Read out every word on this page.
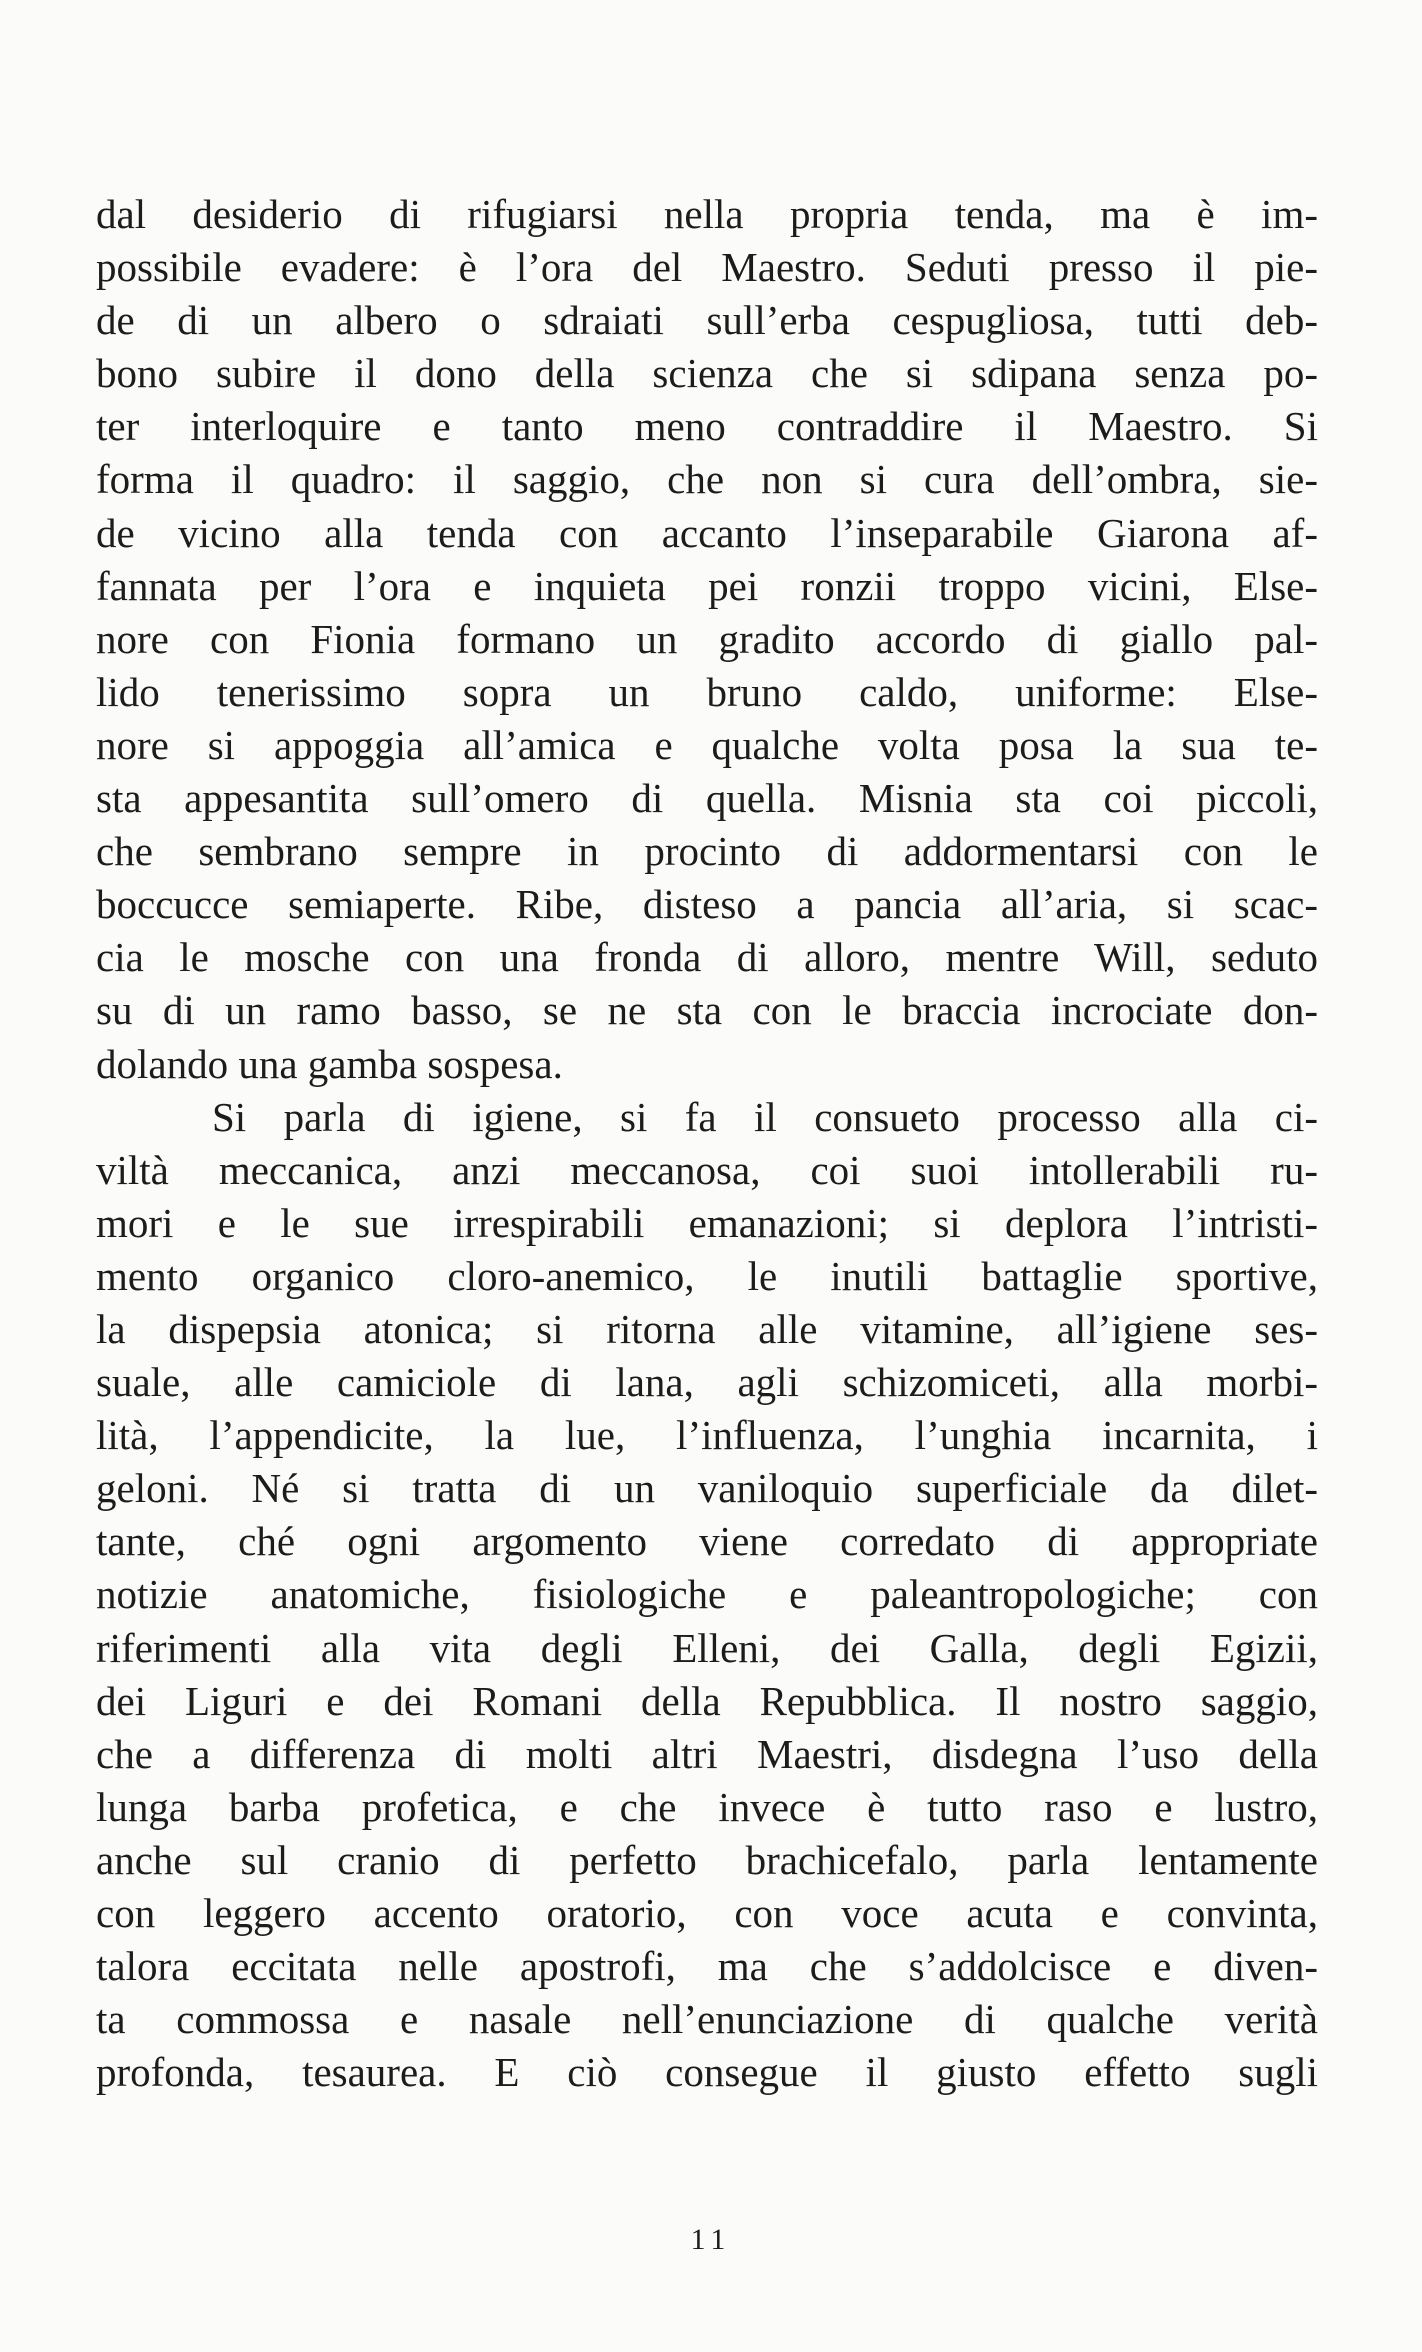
dal desiderio di rifugiarsi nella propria tenda, ma è im-
possibile evadere: è l’ora del Maestro. Seduti presso il pie-
de di un albero o sdraiati sull’erba cespugliosa, tutti deb-
bono subire il dono della scienza che si sdipana senza po-
ter interloquire e tanto meno contraddire il Maestro. Si
forma il quadro: il saggio, che non si cura dell’ombra, sie-
de vicino alla tenda con accanto l’inseparabile Giarona af-
fannata per l’ora e inquieta pei ronzii troppo vicini, Else-
nore con Fionia formano un gradito accordo di giallo pal-
lido tenerissimo sopra un bruno caldo, uniforme: Else-
nore si appoggia all’amica e qualche volta posa la sua te-
sta appesantita sull’omero di quella. Misnia sta coi piccoli,
che sembrano sempre in procinto di addormentarsi con le
boccucce semiaperte. Ribe, disteso a pancia all’aria, si scac-
cia le mosche con una fronda di alloro, mentre Will, seduto
su di un ramo basso, se ne sta con le braccia incrociate don-
dolando una gamba sospesa.
Si parla di igiene, si fa il consueto processo alla ci-
viltà meccanica, anzi meccanosa, coi suoi intollerabili ru-
mori e le sue irrespirabili emanazioni; si deplora l’intristi-
mento organico cloro-anemico, le inutili battaglie sportive,
la dispepsia atonica; si ritorna alle vitamine, all’igiene ses-
suale, alle camiciole di lana, agli schizomiceti, alla morbi-
lità, l’appendicite, la lue, l’influenza, l’unghia incarnita, i
geloni. Né si tratta di un vaniloquio superficiale da dilet-
tante, ché ogni argomento viene corredato di appropriate
notizie anatomiche, fisiologiche e paleantropologiche; con
riferimenti alla vita degli Elleni, dei Galla, degli Egizii,
dei Liguri e dei Romani della Repubblica. Il nostro saggio,
che a differenza di molti altri Maestri, disdegna l’uso della
lunga barba profetica, e che invece è tutto raso e lustro,
anche sul cranio di perfetto brachicefalo, parla lentamente
con leggero accento oratorio, con voce acuta e convinta,
talora eccitata nelle apostrofi, ma che s’addolcisce e diven-
ta commossa e nasale nell’enunciazione di qualche verità
profonda, tesaurea. E ciò consegue il giusto effetto sugli
11
